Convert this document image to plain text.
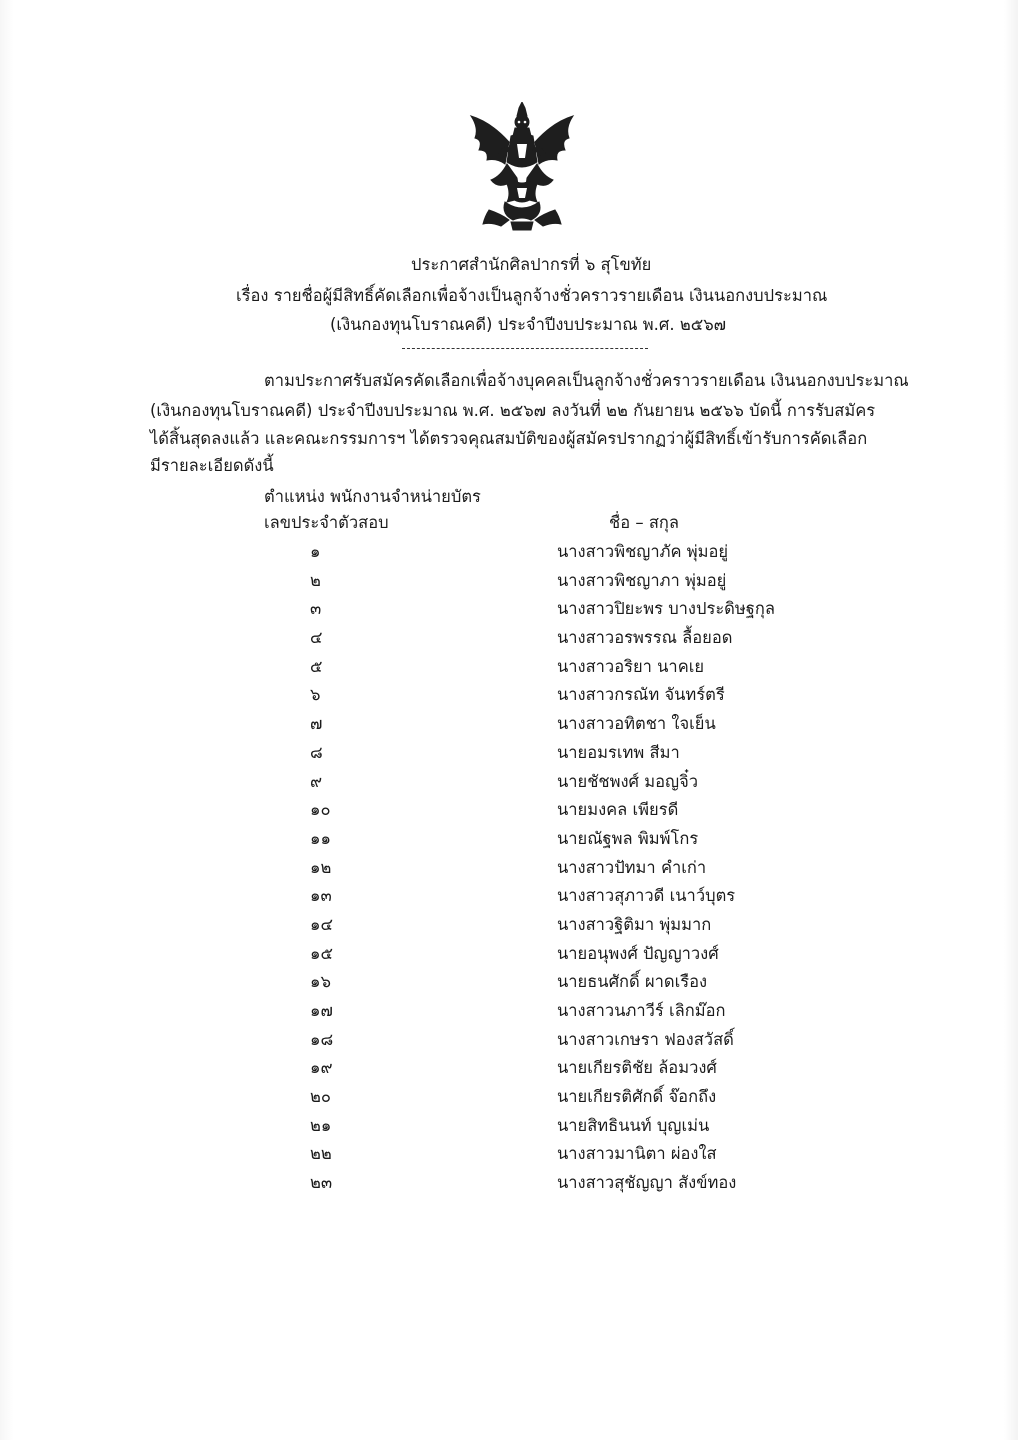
ประกาศสำนักศิลปากรที่ ๖ สุโขทัย
เรื่อง รายชื่อผู้มีสิทธิ์คัดเลือกเพื่อจ้างเป็นลูกจ้างชั่วคราวรายเดือน เงินนอกงบประมาณ
(เงินกองทุนโบราณคดี) ประจำปีงบประมาณ พ.ศ. ๒๕๖๗
ตามประกาศรับสมัครคัดเลือกเพื่อจ้างบุคคลเป็นลูกจ้างชั่วคราวรายเดือน เงินนอกงบประมาณ
(เงินกองทุนโบราณคดี) ประจำปีงบประมาณ พ.ศ. ๒๕๖๗ ลงวันที่ ๒๒ กันยายน ๒๕๖๖ บัดนี้ การรับสมัคร
ได้สิ้นสุดลงแล้ว และคณะกรรมการฯ ได้ตรวจคุณสมบัติของผู้สมัครปรากฏว่าผู้มีสิทธิ์เข้ารับการคัดเลือก
มีรายละเอียดดังนี้
ตำแหน่ง พนักงานจำหน่ายบัตร
เลขประจำตัวสอบ	ชื่อ – สกุล
๑	นางสาวพิชญาภัค พุ่มอยู่
๒	นางสาวพิชญาภา พุ่มอยู่
๓	นางสาวปิยะพร บางประดิษฐกุล
๔	นางสาวอรพรรณ ลื้อยอด
๕	นางสาวอริยา นาคเย
๖	นางสาวกรณัท จันทร์ตรี
๗	นางสาวอทิตชา ใจเย็น
๘	นายอมรเทพ สีมา
๙	นายชัชพงศ์ มอญจิ๋ว
๑๐	นายมงคล เพียรดี
๑๑	นายณัฐพล พิมพ์โกร
๑๒	นางสาวปัทมา คำเก่า
๑๓	นางสาวสุภาวดี เนาว์บุตร
๑๔	นางสาวฐิติมา พุ่มมาก
๑๕	นายอนุพงศ์ ปัญญาวงศ์
๑๖	นายธนศักดิ์ ผาดเรือง
๑๗	นางสาวนภาวีร์ เลิกม๊อก
๑๘	นางสาวเกษรา ฟองสวัสดิ์
๑๙	นายเกียรติชัย ล้อมวงศ์
๒๐	นายเกียรติศักดิ์ จ๊อกถึง
๒๑	นายสิทธินนท์ บุญเม่น
๒๒	นางสาวมานิตา ผ่องใส
๒๓	นางสาวสุชัญญา สังข์ทอง
